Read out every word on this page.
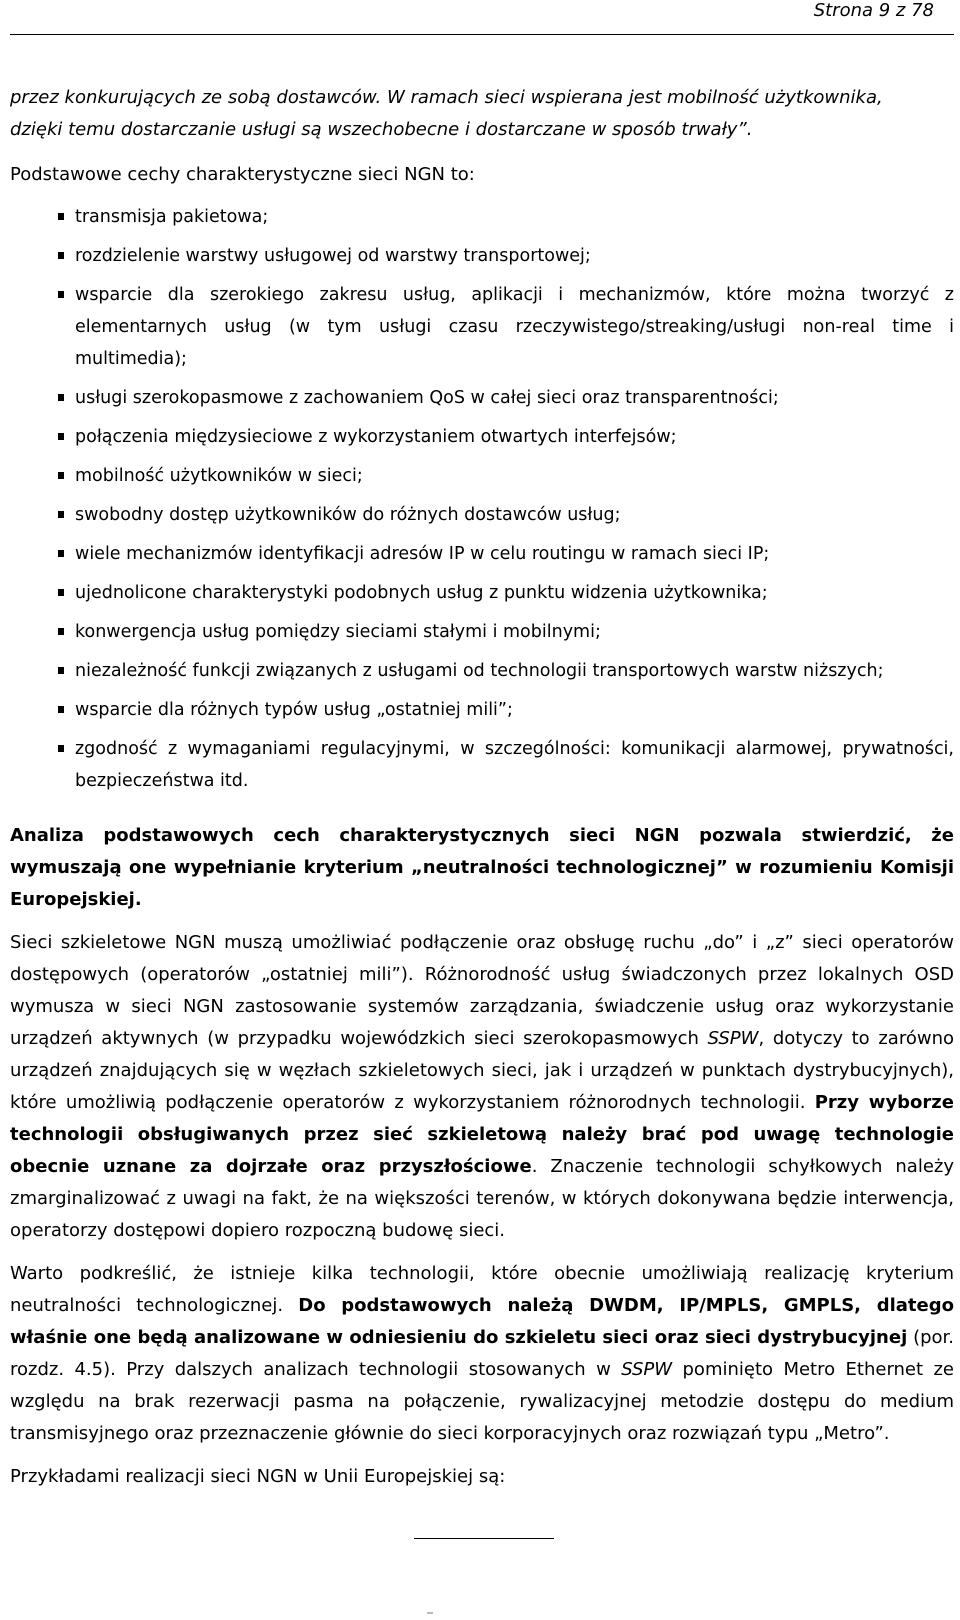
Strona 9 z 78

przez konkurujących ze sobą dostawców. W ramach sieci wspierana jest mobilność użytkownika,

dzięki temu dostarczanie usługi są wszechobecne i dostarczane w sposób trwały”.

Podstawowe cechy charakterystyczne sieci NGN to:

transmisja pakietowa;
rozdzielenie warstwy usługowej od warstwy transportowej;
wsparcie dla szerokiego zakresu usług, aplikacji i mechanizmów, które można tworzyć z elementarnych usług (w tym usługi czasu rzeczywistego/streaking/usługi non-real time i multimedia);
usługi szerokopasmowe z zachowaniem QoS w całej sieci oraz transparentności;
połączenia międzysieciowe z wykorzystaniem otwartych interfejsów;
mobilność użytkowników w sieci;
swobodny dostęp użytkowników do różnych dostawców usług;
wiele mechanizmów identyfikacji adresów IP w celu routingu w ramach sieci IP;
ujednolicone charakterystyki podobnych usług z punktu widzenia użytkownika;
konwergencja usług pomiędzy sieciami stałymi i mobilnymi;
niezależność funkcji związanych z usługami od technologii transportowych warstw niższych;
wsparcie dla różnych typów usług „ostatniej mili”;
zgodność z wymaganiami regulacyjnymi, w szczególności: komunikacji alarmowej, prywatności, bezpieczeństwa itd.

Analiza podstawowych cech charakterystycznych sieci NGN pozwala stwierdzić, że wymuszają one wypełnianie kryterium „neutralności technologicznej” w rozumieniu Komisji Europejskiej.

Sieci szkieletowe NGN muszą umożliwiać podłączenie oraz obsługę ruchu „do” i „z” sieci operatorów dostępowych (operatorów „ostatniej mili”). Różnorodność usług świadczonych przez lokalnych OSD wymusza w sieci NGN zastosowanie systemów zarządzania, świadczenie usług oraz wykorzystanie urządzeń aktywnych (w przypadku wojewódzkich sieci szerokopasmowych SSPW, dotyczy to zarówno urządzeń znajdujących się w węzłach szkieletowych sieci, jak i urządzeń w punktach dystrybucyjnych), które umożliwią podłączenie operatorów z wykorzystaniem różnorodnych technologii. Przy wyborze technologii obsługiwanych przez sieć szkieletową należy brać pod uwagę technologie obecnie uznane za dojrzałe oraz przyszłościowe. Znaczenie technologii schyłkowych należy zmarginalizować z uwagi na fakt, że na większości terenów, w których dokonywana będzie interwencja, operatorzy dostępowi dopiero rozpoczną budowę sieci.

Warto podkreślić, że istnieje kilka technologii, które obecnie umożliwiają realizację kryterium neutralności technologicznej. Do podstawowych należą DWDM, IP/MPLS, GMPLS, dlatego właśnie one będą analizowane w odniesieniu do szkieletu sieci oraz sieci dystrybucyjnej (por. rozdz. 4.5). Przy dalszych analizach technologii stosowanych w SSPW pominięto Metro Ethernet ze względu na brak rezerwacji pasma na połączenie, rywalizacyjnej metodzie dostępu do medium transmisyjnego oraz przeznaczenie głównie do sieci korporacyjnych oraz rozwiązań typu „Metro”.

Przykładami realizacji sieci NGN w Unii Europejskiej są:
